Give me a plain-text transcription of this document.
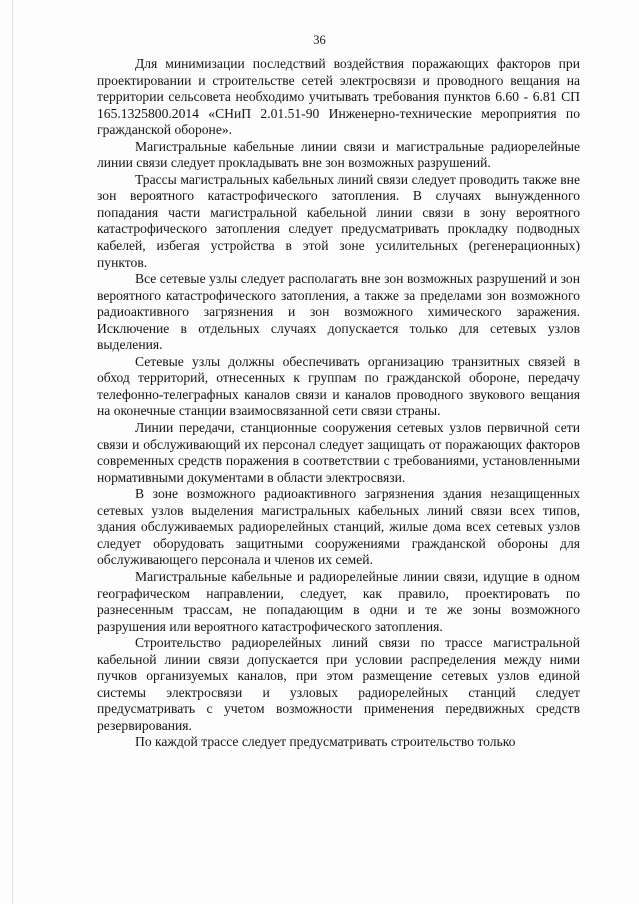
36

Для минимизации последствий воздействия поражающих факторов при проектировании и строительстве сетей электросвязи и проводного вещания на территории сельсовета необходимо учитывать требования пунктов 6.60 - 6.81 СП 165.1325800.2014 «СНиП 2.01.51-90 Инженерно-технические мероприятия по гражданской обороне».

Магистральные кабельные линии связи и магистральные радиорелейные линии связи следует прокладывать вне зон возможных разрушений.

Трассы магистральных кабельных линий связи следует проводить также вне зон вероятного катастрофического затопления. В случаях вынужденного попадания части магистральной кабельной линии связи в зону вероятного катастрофического затопления следует предусматривать прокладку подводных кабелей, избегая устройства в этой зоне усилительных (регенерационных) пунктов.

Все сетевые узлы следует располагать вне зон возможных разрушений и зон вероятного катастрофического затопления, а также за пределами зон возможного радиоактивного загрязнения и зон возможного химического заражения. Исключение в отдельных случаях допускается только для сетевых узлов выделения.

Сетевые узлы должны обеспечивать организацию транзитных связей в обход территорий, отнесенных к группам по гражданской обороне, передачу телефонно-телеграфных каналов связи и каналов проводного звукового вещания на оконечные станции взаимосвязанной сети связи страны.

Линии передачи, станционные сооружения сетевых узлов первичной сети связи и обслуживающий их персонал следует защищать от поражающих факторов современных средств поражения в соответствии с требованиями, установленными нормативными документами в области электросвязи.

В зоне возможного радиоактивного загрязнения здания незащищенных сетевых узлов выделения магистральных кабельных линий связи всех типов, здания обслуживаемых радиорелейных станций, жилые дома всех сетевых узлов следует оборудовать защитными сооружениями гражданской обороны для обслуживающего персонала и членов их семей.

Магистральные кабельные и радиорелейные линии связи, идущие в одном географическом направлении, следует, как правило, проектировать по разнесенным трассам, не попадающим в одни и те же зоны возможного разрушения или вероятного катастрофического затопления.

Строительство радиорелейных линий связи по трассе магистральной кабельной линии связи допускается при условии распределения между ними пучков организуемых каналов, при этом размещение сетевых узлов единой системы электросвязи и узловых радиорелейных станций следует предусматривать с учетом возможности применения передвижных средств резервирования.

По каждой трассе следует предусматривать строительство только
